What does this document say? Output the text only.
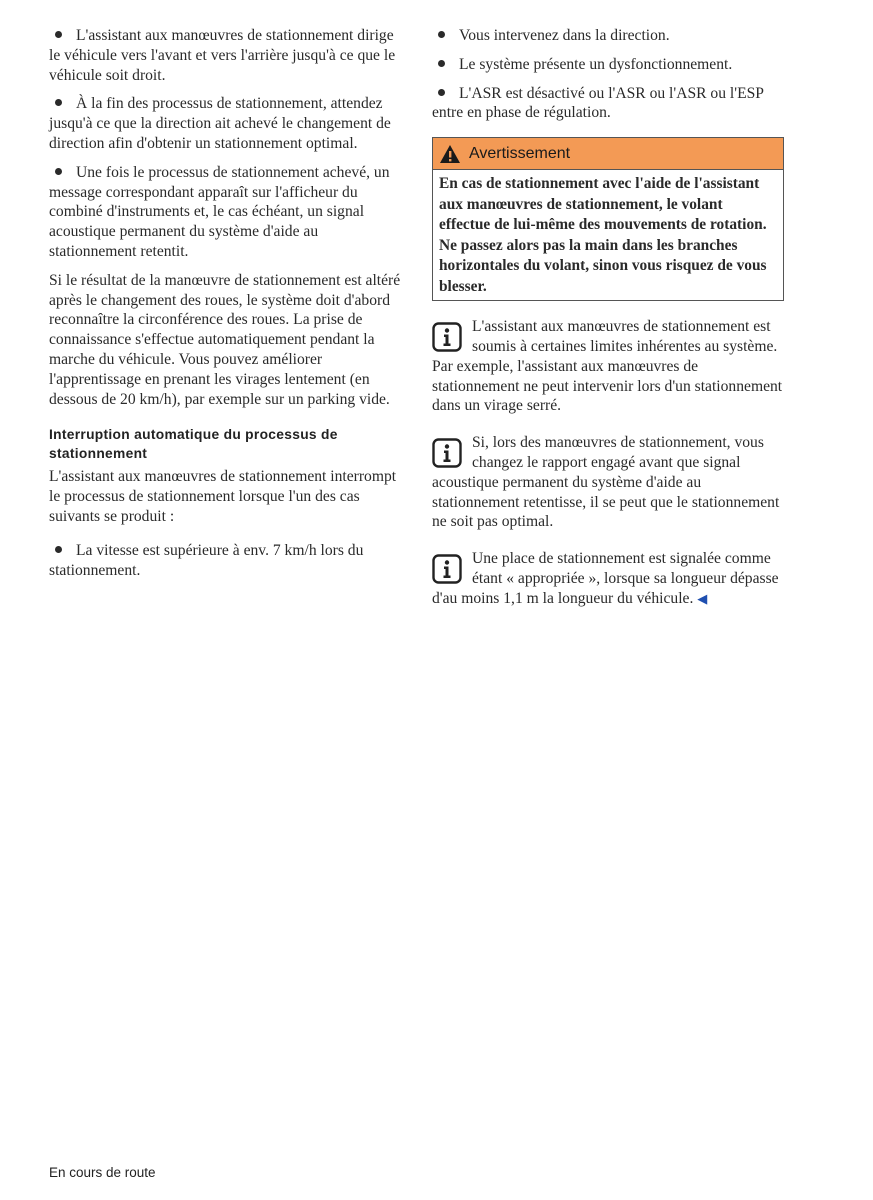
L'assistant aux manœuvres de stationnement dirige le véhicule vers l'avant et vers l'arrière jusqu'à ce que le véhicule soit droit.

À la fin des processus de stationnement, attendez jusqu'à ce que la direction ait achevé le changement de direction afin d'obtenir un stationnement optimal.

Une fois le processus de stationnement achevé, un message correspondant apparaît sur l'afficheur du combiné d'instruments et, le cas échéant, un signal acoustique permanent du système d'aide au stationnement retentit.

Si le résultat de la manœuvre de stationnement est altéré après le changement des roues, le système doit d'abord reconnaître la circonférence des roues. La prise de connaissance s'effectue automatiquement pendant la marche du véhicule. Vous pouvez améliorer l'apprentissage en prenant les virages lentement (en dessous de 20 km/h), par exemple sur un parking vide.

Interruption automatique du processus de stationnement

L'assistant aux manœuvres de stationnement interrompt le processus de stationnement lorsque l'un des cas suivants se produit :

La vitesse est supérieure à env. 7 km/h lors du stationnement.

Vous intervenez dans la direction.

Le système présente un dysfonctionnement.

L'ASR est désactivé ou l'ASR ou l'ASR ou l'ESP entre en phase de régulation.

Avertissement
En cas de stationnement avec l'aide de l'assistant aux manœuvres de stationnement, le volant effectue de lui-même des mouvements de rotation. Ne passez alors pas la main dans les branches horizontales du volant, sinon vous risquez de vous blesser.
L'assistant aux manœuvres de stationnement est soumis à certaines limites inhérentes au système. Par exemple, l'assistant aux manœuvres de stationnement ne peut intervenir lors d'un stationnement dans un virage serré.
Si, lors des manœuvres de stationnement, vous changez le rapport engagé avant que signal acoustique permanent du système d'aide au stationnement retentisse, il se peut que le stationnement ne soit pas optimal.
Une place de stationnement est signalée comme étant « appropriée », lorsque sa longueur dépasse d'au moins 1,1 m la longueur du véhicule. ◀
En cours de route
